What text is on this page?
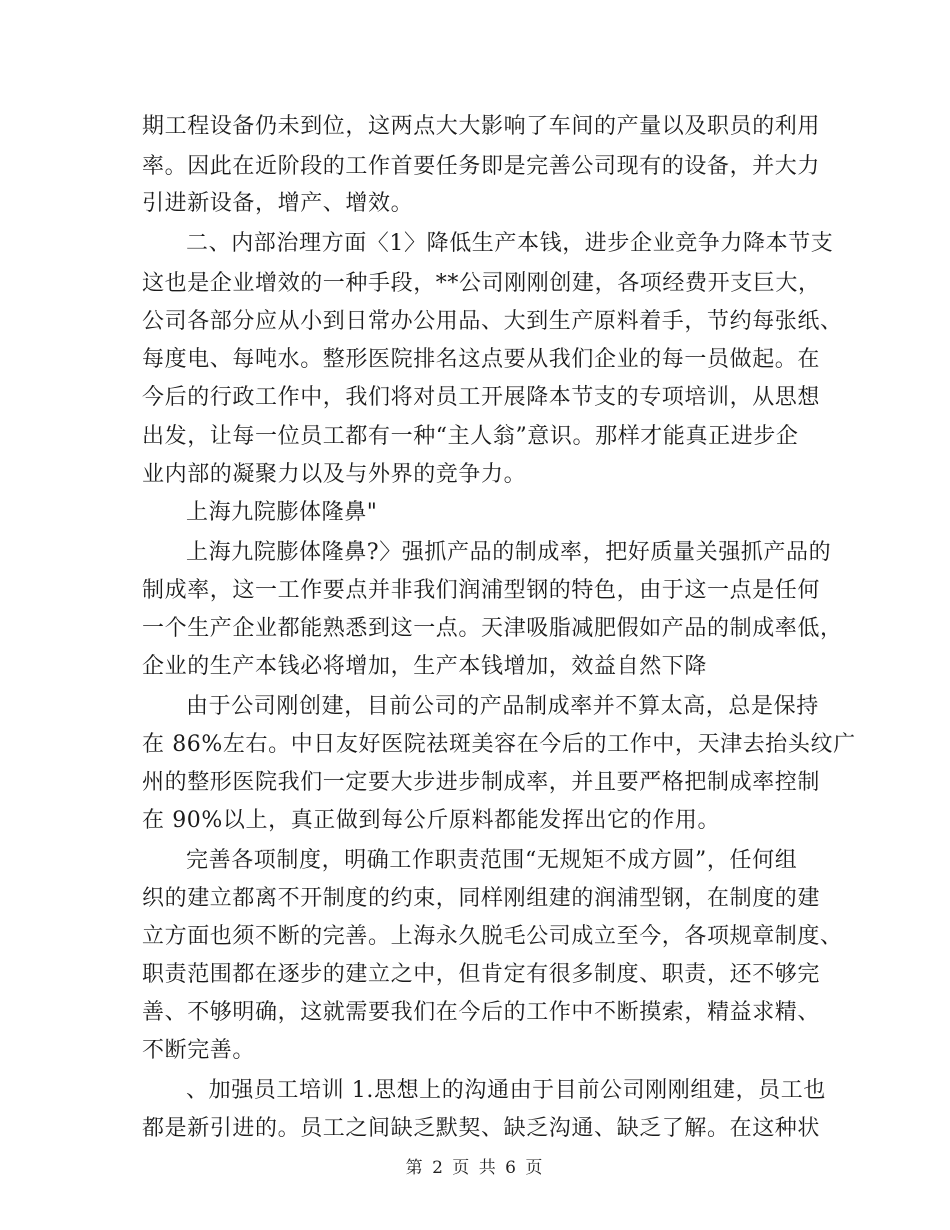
期工程设备仍未到位，这两点大大影响了车间的产量以及职员的利用
率。因此在近阶段的工作首要任务即是完善公司现有的设备，并大力
引进新设备，增产、增效。
二、内部治理方面〈1〉降低生产本钱，进步企业竞争力降本节支
这也是企业增效的一种手段，**公司刚刚创建，各项经费开支巨大，
公司各部分应从小到日常办公用品、大到生产原料着手，节约每张纸、
每度电、每吨水。整形医院排名这点要从我们企业的每一员做起。在
今后的行政工作中，我们将对员工开展降本节支的专项培训，从思想
出发，让每一位员工都有一种“主人翁”意识。那样才能真正进步企
业内部的凝聚力以及与外界的竞争力。
上海九院膨体隆鼻"
上海九院膨体隆鼻?〉强抓产品的制成率，把好质量关强抓产品的
制成率，这一工作要点并非我们润浦型钢的特色，由于这一点是任何
一个生产企业都能熟悉到这一点。天津吸脂减肥假如产品的制成率低，
企业的生产本钱必将增加，生产本钱增加，效益自然下降
由于公司刚创建，目前公司的产品制成率并不算太高，总是保持
在 86%左右。中日友好医院祛斑美容在今后的工作中，天津去抬头纹广
州的整形医院我们一定要大步进步制成率，并且要严格把制成率控制
在 90%以上，真正做到每公斤原料都能发挥出它的作用。
完善各项制度，明确工作职责范围“无规矩不成方圆”，任何组
织的建立都离不开制度的约束，同样刚组建的润浦型钢，在制度的建
立方面也须不断的完善。上海永久脱毛公司成立至今，各项规章制度、
职责范围都在逐步的建立之中，但肯定有很多制度、职责，还不够完
善、不够明确，这就需要我们在今后的工作中不断摸索，精益求精、
不断完善。
、加强员工培训 1.思想上的沟通由于目前公司刚刚组建，员工也
都是新引进的。员工之间缺乏默契、缺乏沟通、缺乏了解。在这种状
第 2 页 共 6 页
